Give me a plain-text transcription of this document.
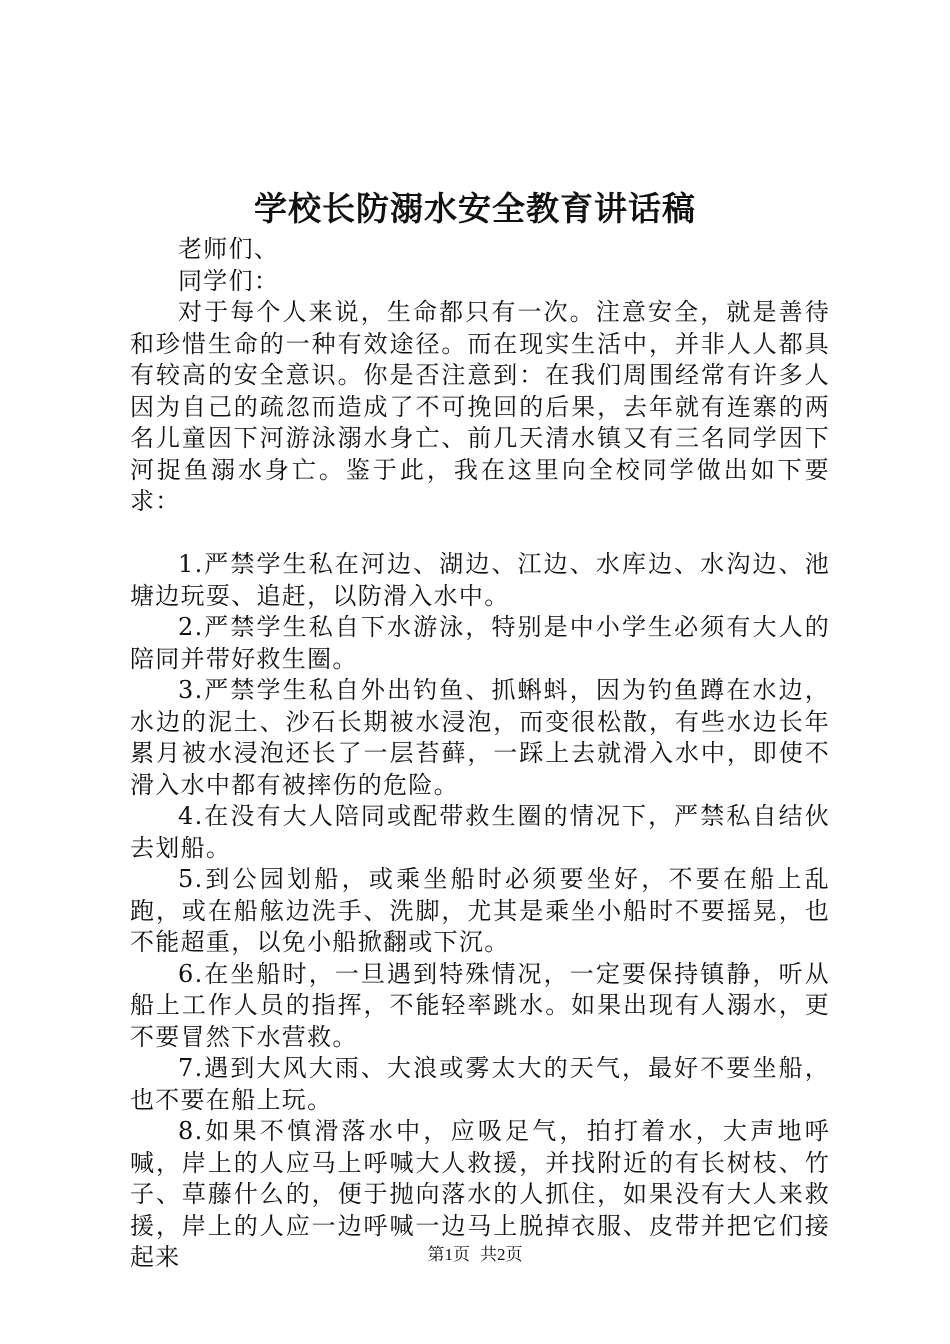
学校长防溺水安全教育讲话稿

老师们、

同学们：

对于每个人来说，生命都只有一次。注意安全，就是善待和珍惜生命的一种有效途径。而在现实生活中，并非人人都具有较高的安全意识。你是否注意到：在我们周围经常有许多人因为自己的疏忽而造成了不可挽回的后果，去年就有连寨的两名儿童因下河游泳溺水身亡、前几天清水镇又有三名同学因下河捉鱼溺水身亡。鉴于此，我在这里向全校同学做出如下要求：

1.严禁学生私在河边、湖边、江边、水库边、水沟边、池塘边玩耍、追赶，以防滑入水中。

2.严禁学生私自下水游泳，特别是中小学生必须有大人的陪同并带好救生圈。

3.严禁学生私自外出钓鱼、抓蝌蚪，因为钓鱼蹲在水边，水边的泥土、沙石长期被水浸泡，而变很松散，有些水边长年累月被水浸泡还长了一层苔藓，一踩上去就滑入水中，即使不滑入水中都有被摔伤的危险。

4.在没有大人陪同或配带救生圈的情况下，严禁私自结伙去划船。

5.到公园划船，或乘坐船时必须要坐好，不要在船上乱跑，或在船舷边洗手、洗脚，尤其是乘坐小船时不要摇晃，也不能超重，以免小船掀翻或下沉。

6.在坐船时，一旦遇到特殊情况，一定要保持镇静，听从船上工作人员的指挥，不能轻率跳水。如果出现有人溺水，更不要冒然下水营救。

7.遇到大风大雨、大浪或雾太大的天气，最好不要坐船，也不要在船上玩。

8.如果不慎滑落水中，应吸足气，拍打着水，大声地呼喊，岸上的人应马上呼喊大人救援，并找附近的有长树枝、竹子、草藤什么的，便于抛向落水的人抓住，如果没有大人来救援，岸上的人应一边呼喊一边马上脱掉衣服、皮带并把它们接起来	第1页 共2页
